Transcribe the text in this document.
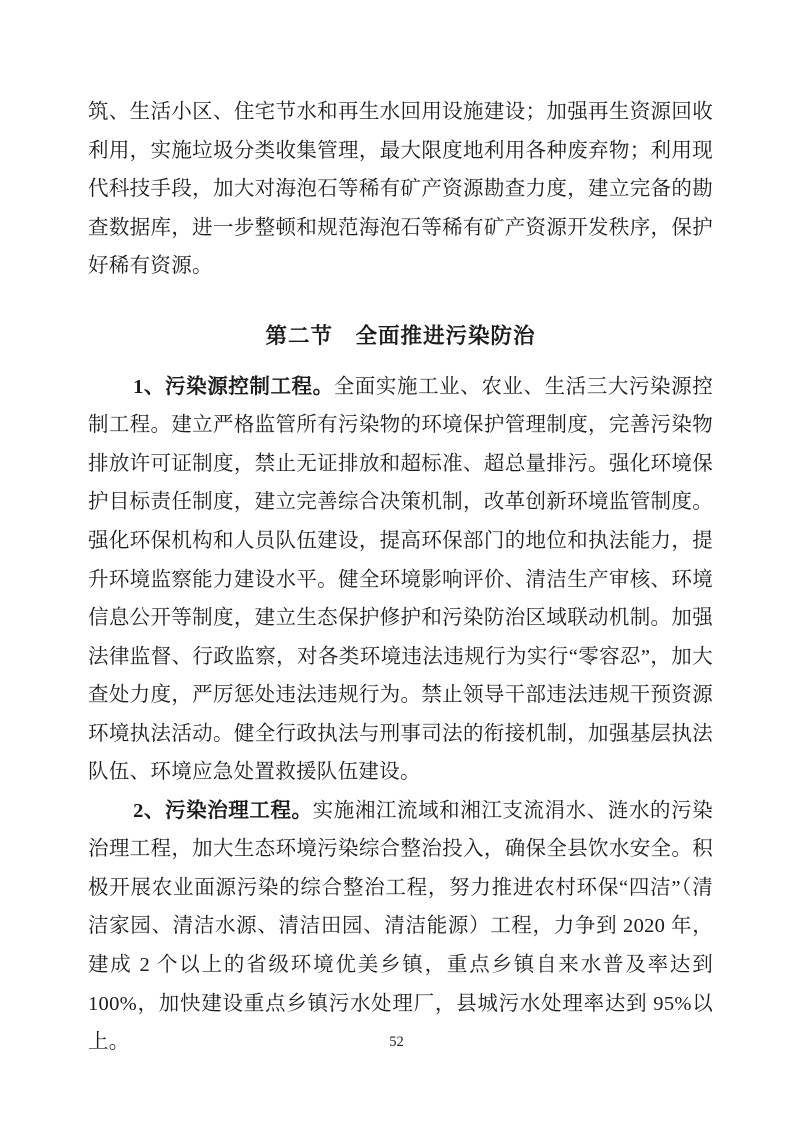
筑、生活小区、住宅节水和再生水回用设施建设；加强再生资源回收利用，实施垃圾分类收集管理，最大限度地利用各种废弃物；利用现代科技手段，加大对海泡石等稀有矿产资源勘查力度，建立完备的勘查数据库，进一步整顿和规范海泡石等稀有矿产资源开发秩序，保护好稀有资源。

第二节　全面推进污染防治

1、污染源控制工程。全面实施工业、农业、生活三大污染源控制工程。建立严格监管所有污染物的环境保护管理制度，完善污染物排放许可证制度，禁止无证排放和超标准、超总量排污。强化环境保护目标责任制度，建立完善综合决策机制，改革创新环境监管制度。强化环保机构和人员队伍建设，提高环保部门的地位和执法能力，提升环境监察能力建设水平。健全环境影响评价、清洁生产审核、环境信息公开等制度，建立生态保护修护和污染防治区域联动机制。加强法律监督、行政监察，对各类环境违法违规行为实行“零容忍”，加大查处力度，严厉惩处违法违规行为。禁止领导干部违法违规干预资源环境执法活动。健全行政执法与刑事司法的衔接机制，加强基层执法队伍、环境应急处置救援队伍建设。

2、污染治理工程。实施湘江流域和湘江支流涓水、涟水的污染治理工程，加大生态环境污染综合整治投入，确保全县饮水安全。积极开展农业面源污染的综合整治工程，努力推进农村环保“四洁”（清洁家园、清洁水源、清洁田园、清洁能源）工程，力争到 2020 年，建成 2 个以上的省级环境优美乡镇，重点乡镇自来水普及率达到 100%，加快建设重点乡镇污水处理厂，县城污水处理率达到 95%以上。	52
